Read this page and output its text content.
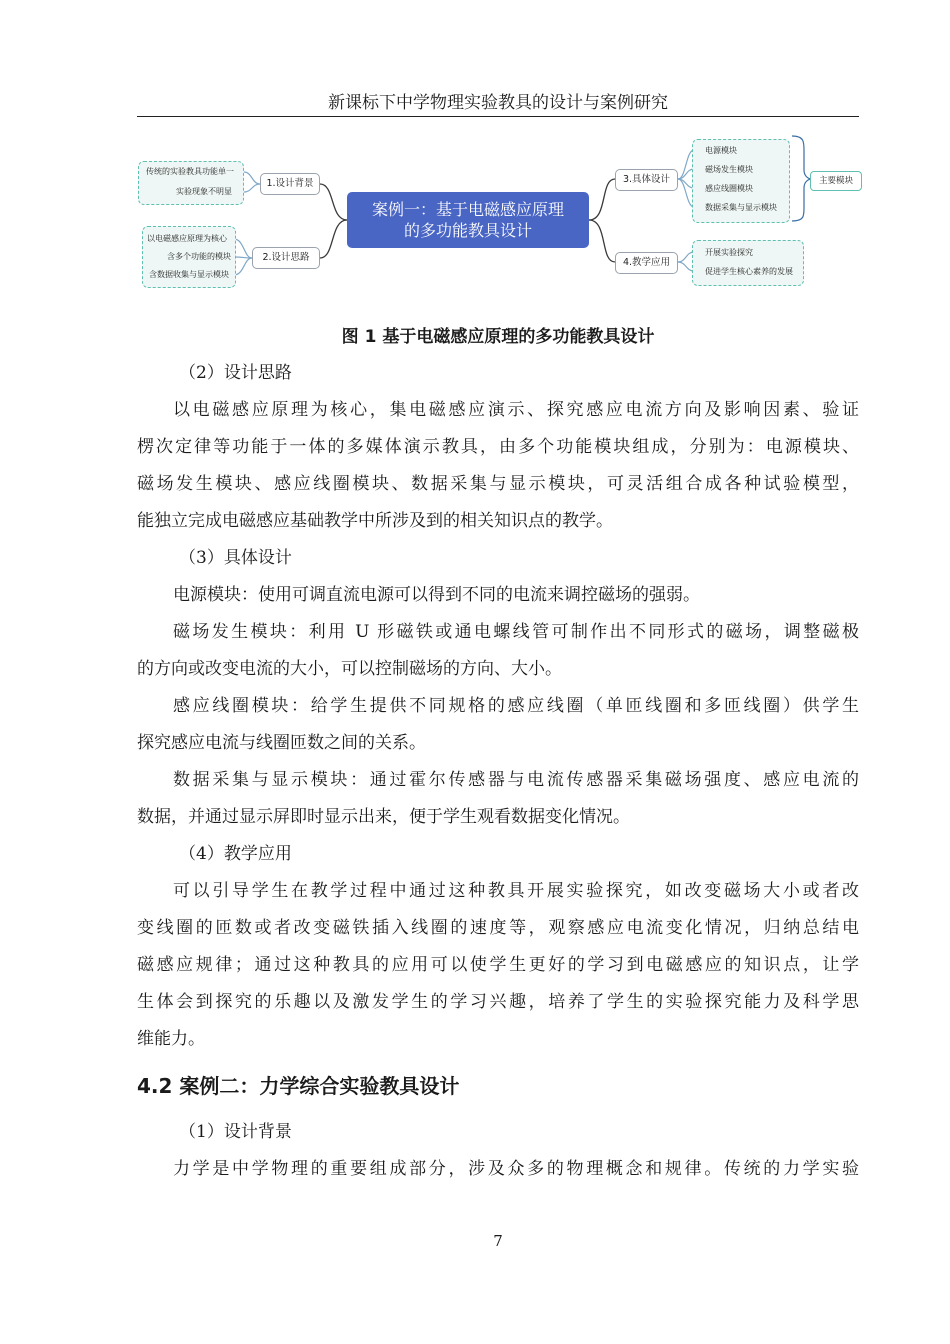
新课标下中学物理实验教具的设计与案例研究
传统的实验教具功能单一
实验现象不明显
1.设计背景
以电磁感应原理为核心
含多个功能的模块
含数据收集与显示模块
2.设计思路
案例一：基于电磁感应原理
的多功能教具设计
3.具体设计
电源模块
磁场发生模块
感应线圈模块
数据采集与显示模块
主要模块
4.教学应用
开展实验探究
促进学生核心素养的发展
图 1 基于电磁感应原理的多功能教具设计
（2）设计思路
以电磁感应原理为核心，集电磁感应演示、探究感应电流方向及影响因素、验证
楞次定律等功能于一体的多媒体演示教具，由多个功能模块组成，分别为：电源模块、
磁场发生模块、感应线圈模块、数据采集与显示模块，可灵活组合成各种试验模型，
能独立完成电磁感应基础教学中所涉及到的相关知识点的教学。
（3）具体设计
电源模块：使用可调直流电源可以得到不同的电流来调控磁场的强弱。
磁场发生模块：利用 U 形磁铁或通电螺线管可制作出不同形式的磁场，调整磁极
的方向或改变电流的大小，可以控制磁场的方向、大小。
感应线圈模块：给学生提供不同规格的感应线圈（单匝线圈和多匝线圈）供学生
探究感应电流与线圈匝数之间的关系。
数据采集与显示模块：通过霍尔传感器与电流传感器采集磁场强度、感应电流的
数据，并通过显示屏即时显示出来，便于学生观看数据变化情况。
（4）教学应用
可以引导学生在教学过程中通过这种教具开展实验探究，如改变磁场大小或者改
变线圈的匝数或者改变磁铁插入线圈的速度等，观察感应电流变化情况，归纳总结电
磁感应规律；通过这种教具的应用可以使学生更好的学习到电磁感应的知识点，让学
生体会到探究的乐趣以及激发学生的学习兴趣，培养了学生的实验探究能力及科学思
维能力。
4.2 案例二：力学综合实验教具设计
（1）设计背景
力学是中学物理的重要组成部分，涉及众多的物理概念和规律。传统的力学实验
7
